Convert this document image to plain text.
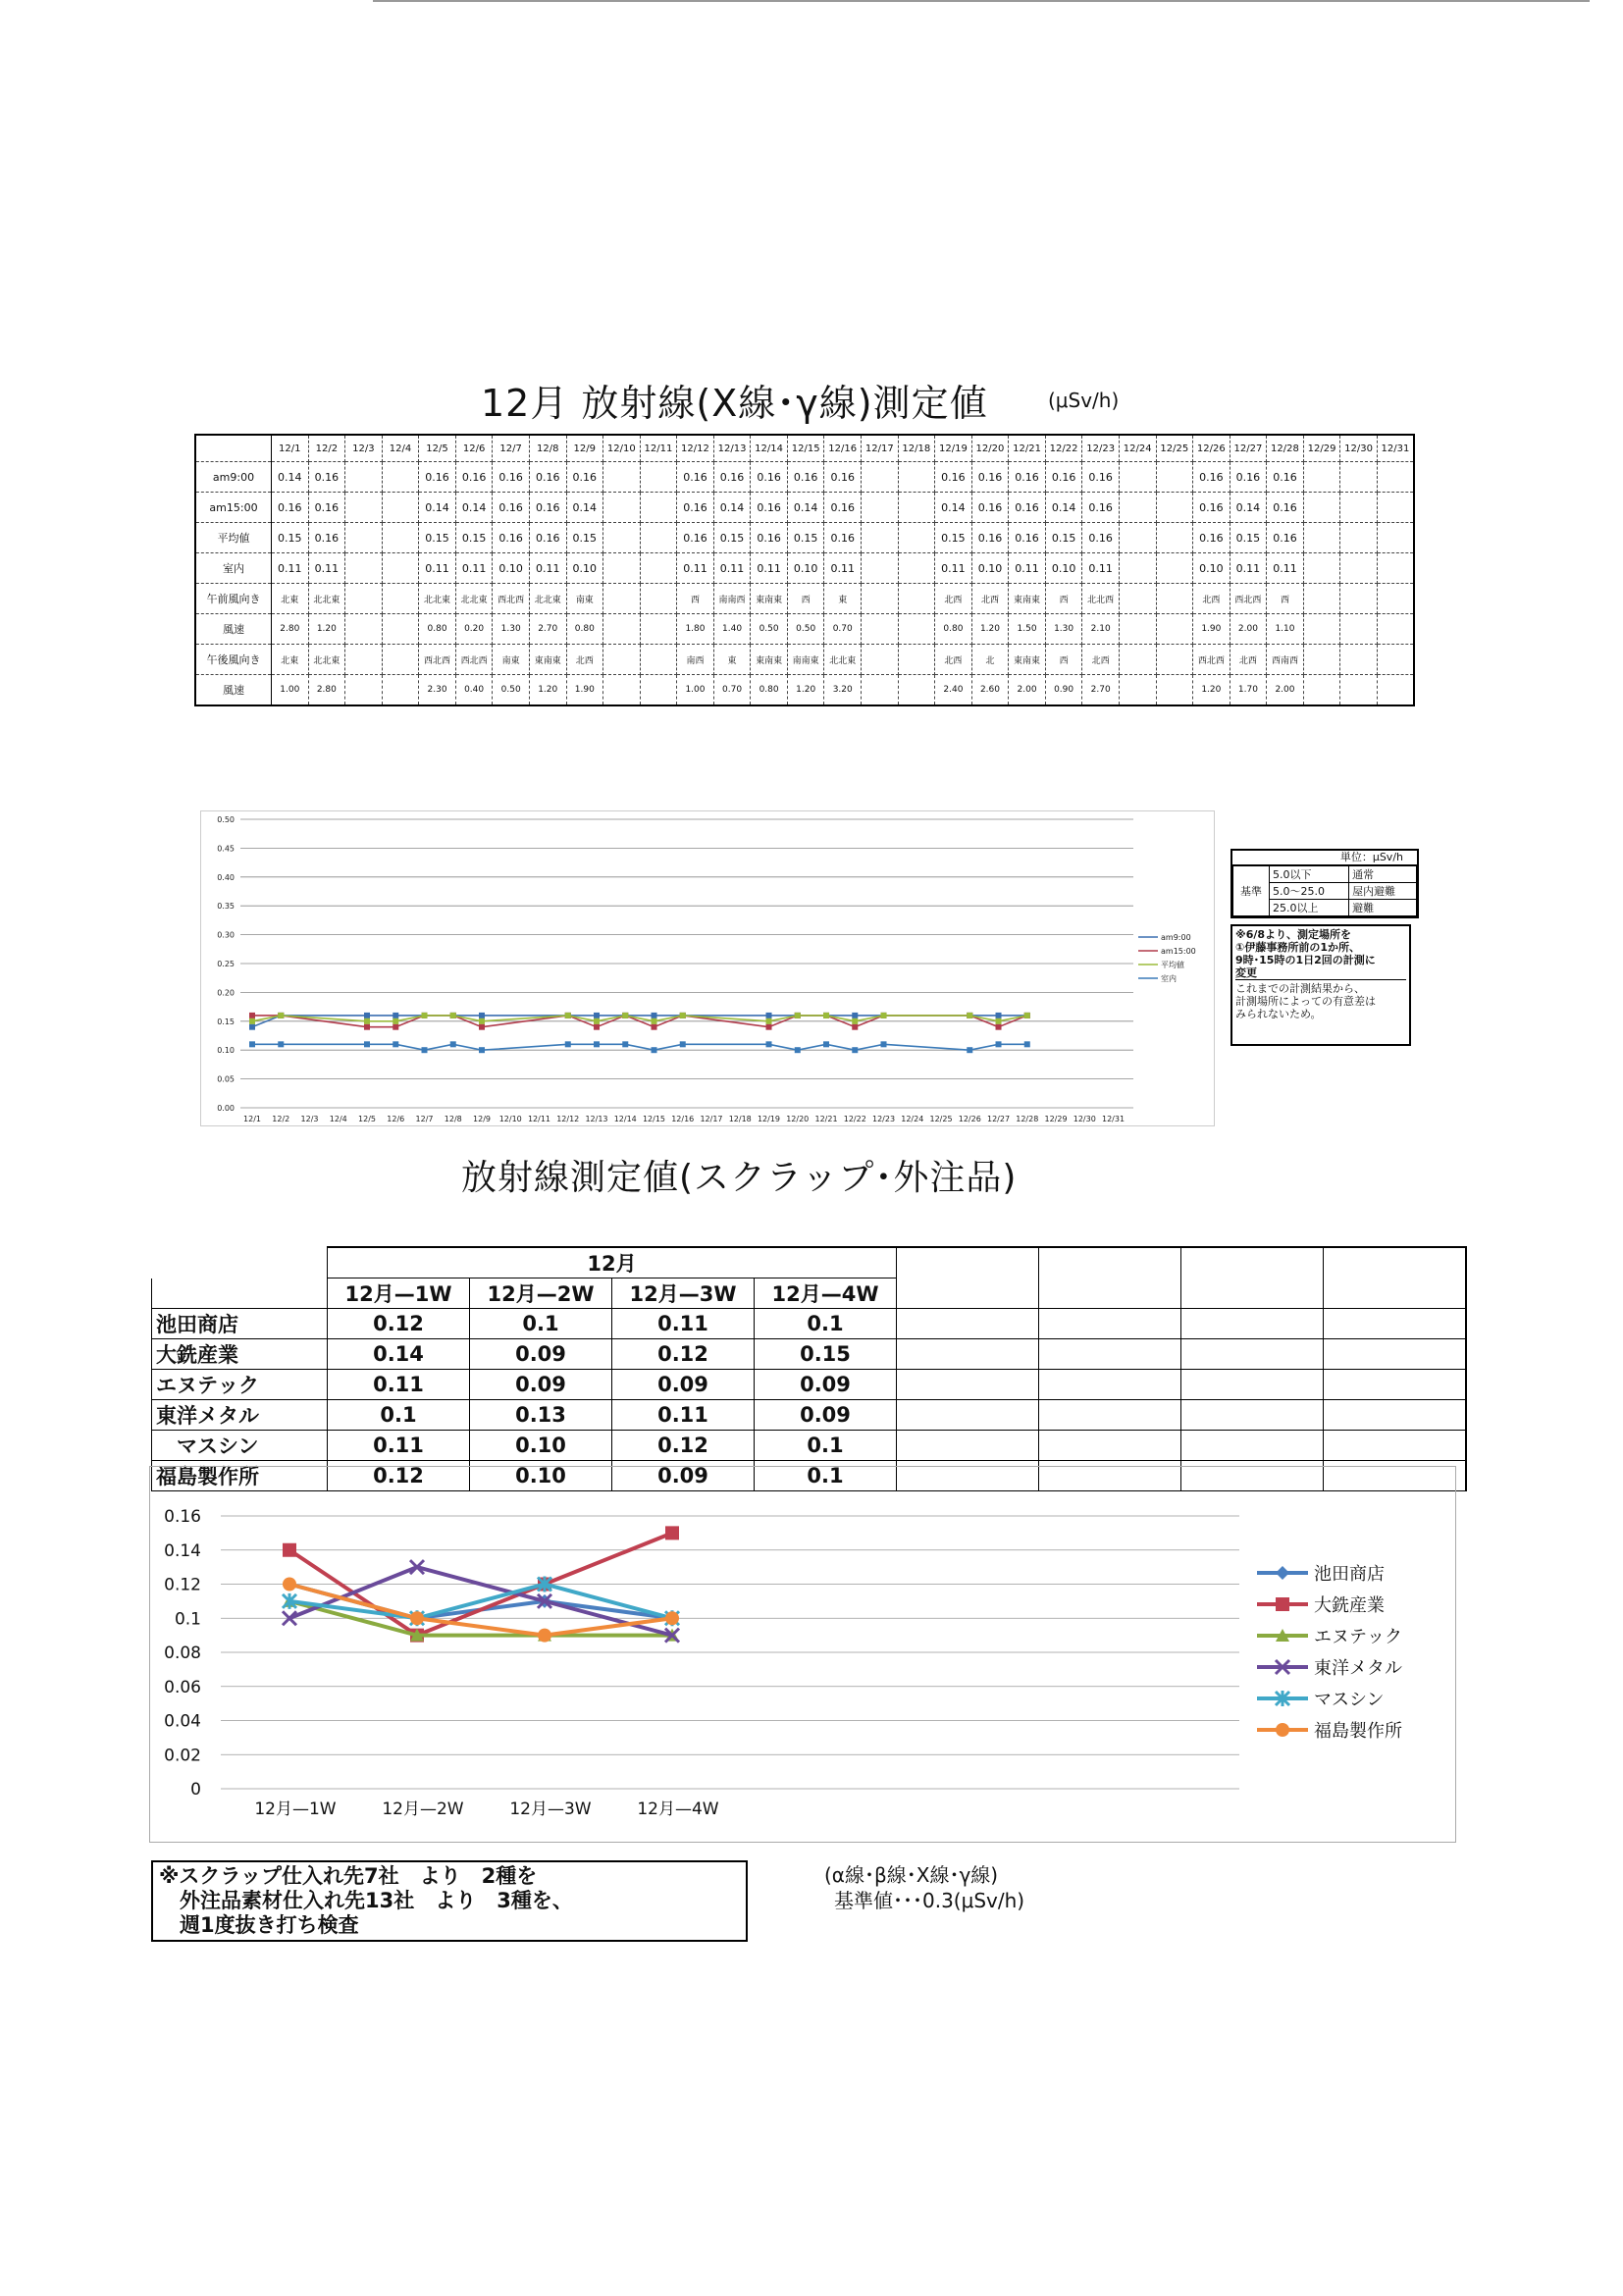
12月 放射線(X線･γ線)測定値	(μSv/h)
	12/1	12/2	12/3	12/4	12/5	12/6	12/7	12/8	12/9	12/10	12/11	12/12	12/13	12/14	12/15	12/16	12/17	12/18	12/19	12/20	12/21	12/22	12/23	12/24	12/25	12/26	12/27	12/28	12/29	12/30	12/31
am9:00	0.14	0.16			0.16	0.16	0.16	0.16	0.16			0.16	0.16	0.16	0.16	0.16			0.16	0.16	0.16	0.16	0.16			0.16	0.16	0.16			
am15:00	0.16	0.16			0.14	0.14	0.16	0.16	0.14			0.16	0.14	0.16	0.14	0.16			0.14	0.16	0.16	0.14	0.16			0.16	0.14	0.16			
平均値	0.15	0.16			0.15	0.15	0.16	0.16	0.15			0.16	0.15	0.16	0.15	0.16			0.15	0.16	0.16	0.15	0.16			0.16	0.15	0.16			
室内	0.11	0.11			0.11	0.11	0.10	0.11	0.10			0.11	0.11	0.11	0.10	0.11			0.11	0.10	0.11	0.10	0.11			0.10	0.11	0.11			
午前風向き	北東	北北東			北北東	北北東	西北西	北北東	南東			西	南南西	東南東	西	東			北西	北西	東南東	西	北北西			北西	西北西	西			
風速	2.80	1.20			0.80	0.20	1.30	2.70	0.80			1.80	1.40	0.50	0.50	0.70			0.80	1.20	1.50	1.30	2.10			1.90	2.00	1.10			
午後風向き	北東	北北東			西北西	西北西	南東	東南東	北西			南西	東	東南東	南南東	北北東			北西	北	東南東	西	北西			西北西	北西	西南西			
風速	1.00	2.80			2.30	0.40	0.50	1.20	1.90			1.00	0.70	0.80	1.20	3.20			2.40	2.60	2.00	0.90	2.70			1.20	1.70	2.00			
0.00
0.05
0.10
0.15
0.20
0.25
0.30
0.35
0.40
0.45
0.50
12/1 12/2 12/3 12/4 12/5 12/6 12/7 12/8 12/9 12/10 12/11 12/12 12/13 12/14 12/15 12/16 12/17 12/18 12/19 12/20 12/21 12/22 12/23 12/24 12/25 12/26 12/27 12/28 12/29 12/30 12/31
am9:00
am15:00
平均値
室内
単位：μSv/h
基準	5.0以下	通常
	5.0～25.0	屋内避難
	25.0以上	避難
※6/8より、測定場所を
①伊藤事務所前の1か所、
9時･15時の1日2回の計測に
変更
これまでの計測結果から、
計測場所によっての有意差は
みられないため。
放射線測定値(スクラップ･外注品)
	12月							
	12月—1W	12月—2W	12月—3W	12月—4W				
池田商店	0.12	0.1	0.11	0.1				
大銑産業	0.14	0.09	0.12	0.15				
エヌテック	0.11	0.09	0.09	0.09				
東洋メタル	0.1	0.13	0.11	0.09				
　マスシン	0.11	0.10	0.12	0.1				
福島製作所	0.12	0.10	0.09	0.1				
0
0.02
0.04
0.06
0.08
0.1
0.12
0.14
0.16
12月—1W	12月—2W	12月—3W	12月—4W
池田商店
大銑産業
エヌテック
東洋メタル
マスシン
福島製作所
※スクラップ仕入れ先7社　より　2種を
　外注品素材仕入れ先13社　より　3種を、
　週1度抜き打ち検査
(α線･β線･X線･γ線)
基準値･･･0.3(μSv/h)
